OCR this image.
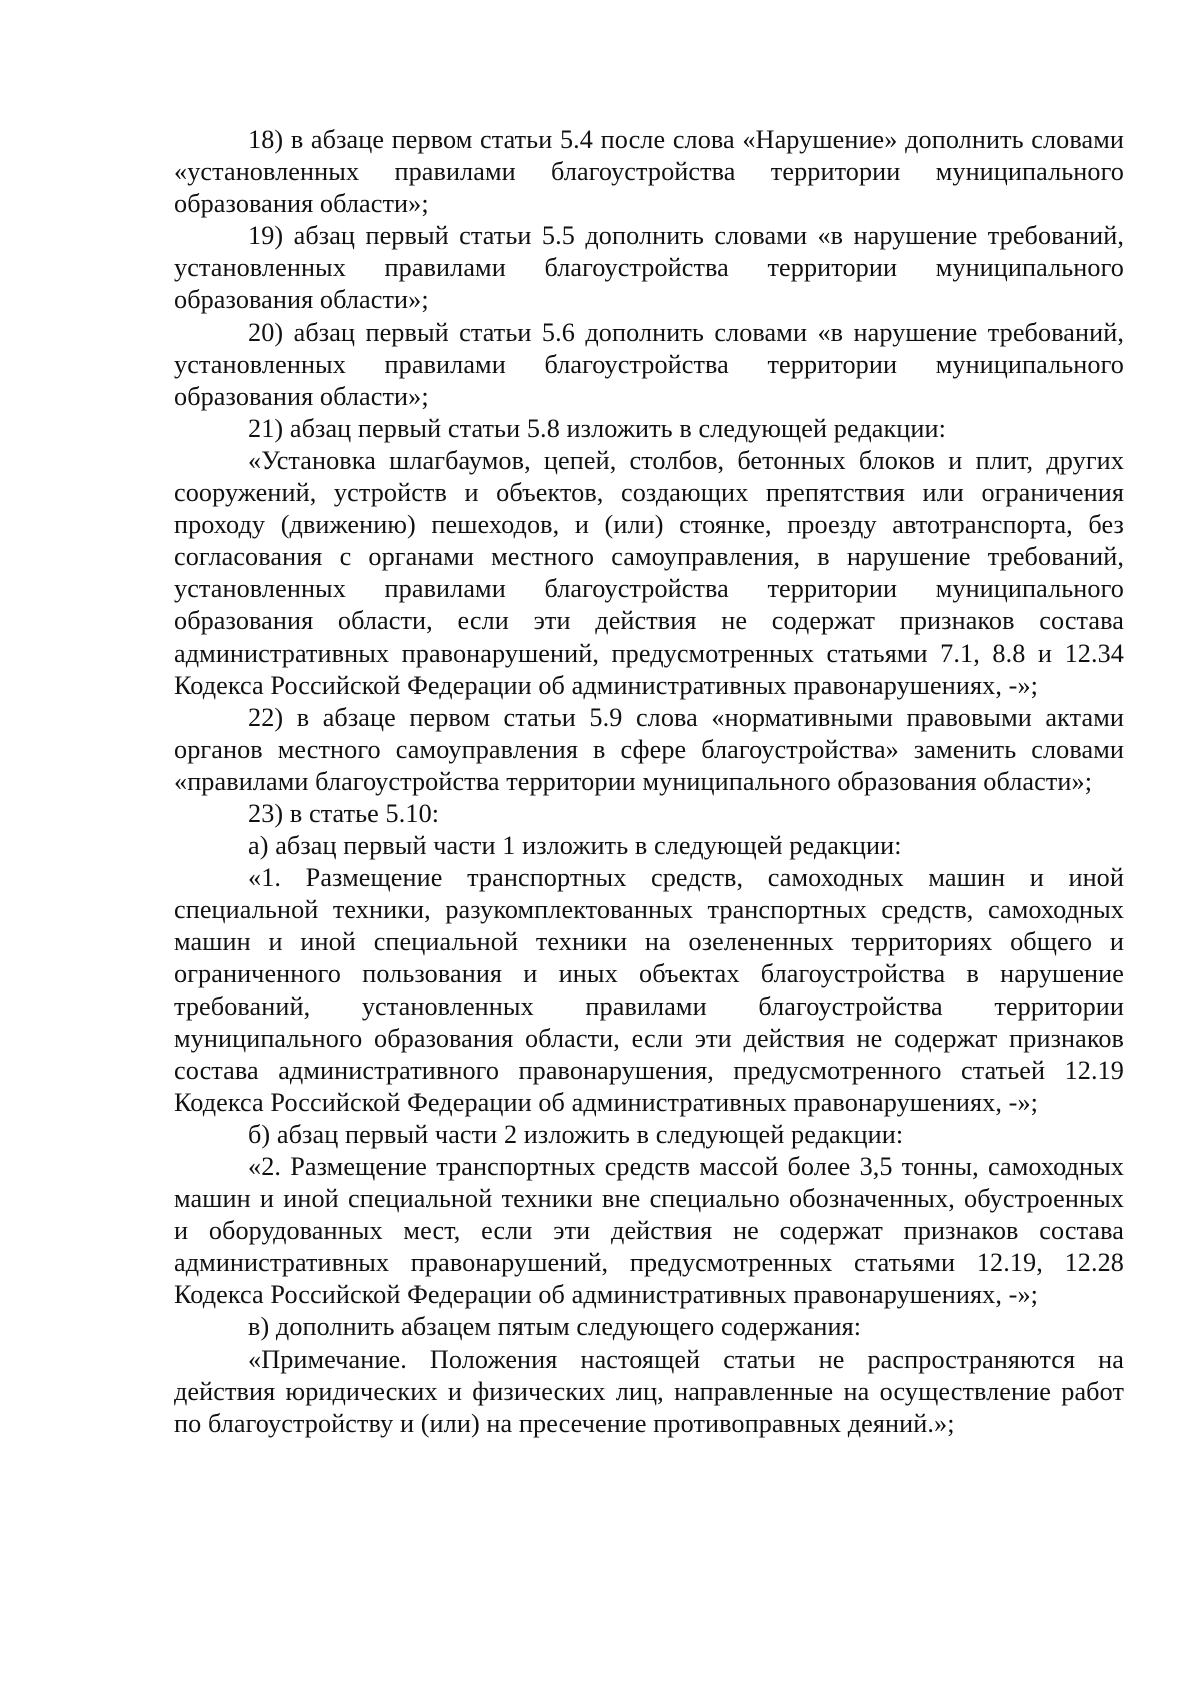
18) в абзаце первом статьи 5.4 после слова «Нарушение» дополнить словами «установленных правилами благоустройства территории муниципального образования области»;

19) абзац первый статьи 5.5 дополнить словами «в нарушение требований, установленных правилами благоустройства территории муниципального образования области»;

20) абзац первый статьи 5.6 дополнить словами «в нарушение требований, установленных правилами благоустройства территории муниципального образования области»;

21) абзац первый статьи 5.8 изложить в следующей редакции:

«Установка шлагбаумов, цепей, столбов, бетонных блоков и плит, других сооружений, устройств и объектов, создающих препятствия или ограничения проходу (движению) пешеходов, и (или) стоянке, проезду автотранспорта, без согласования с органами местного самоуправления, в нарушение требований, установленных правилами благоустройства территории муниципального образования области, если эти действия не содержат признаков состава административных правонарушений, предусмотренных статьями 7.1, 8.8 и 12.34 Кодекса Российской Федерации об административных правонарушениях, -»;

22) в абзаце первом статьи 5.9 слова «нормативными правовыми актами органов местного самоуправления в сфере благоустройства» заменить словами «правилами благоустройства территории муниципального образования области»;

23) в статье 5.10:

а) абзац первый части 1 изложить в следующей редакции:

«1. Размещение транспортных средств, самоходных машин и иной специальной техники, разукомплектованных транспортных средств, самоходных машин и иной специальной техники на озелененных территориях общего и ограниченного пользования и иных объектах благоустройства в нарушение требований, установленных правилами благоустройства территории муниципального образования области, если эти действия не содержат признаков состава административного правонарушения, предусмотренного статьей 12.19 Кодекса Российской Федерации об административных правонарушениях, -»;

б) абзац первый части 2 изложить в следующей редакции:

«2. Размещение транспортных средств массой более 3,5 тонны, самоходных машин и иной специальной техники вне специально обозначенных, обустроенных и оборудованных мест, если эти действия не содержат признаков состава административных правонарушений, предусмотренных статьями 12.19, 12.28 Кодекса Российской Федерации об административных правонарушениях, -»;

в) дополнить абзацем пятым следующего содержания:

«Примечание. Положения настоящей статьи не распространяются на действия юридических и физических лиц, направленные на осуществление работ по благоустройству и (или) на пресечение противоправных деяний.»;
